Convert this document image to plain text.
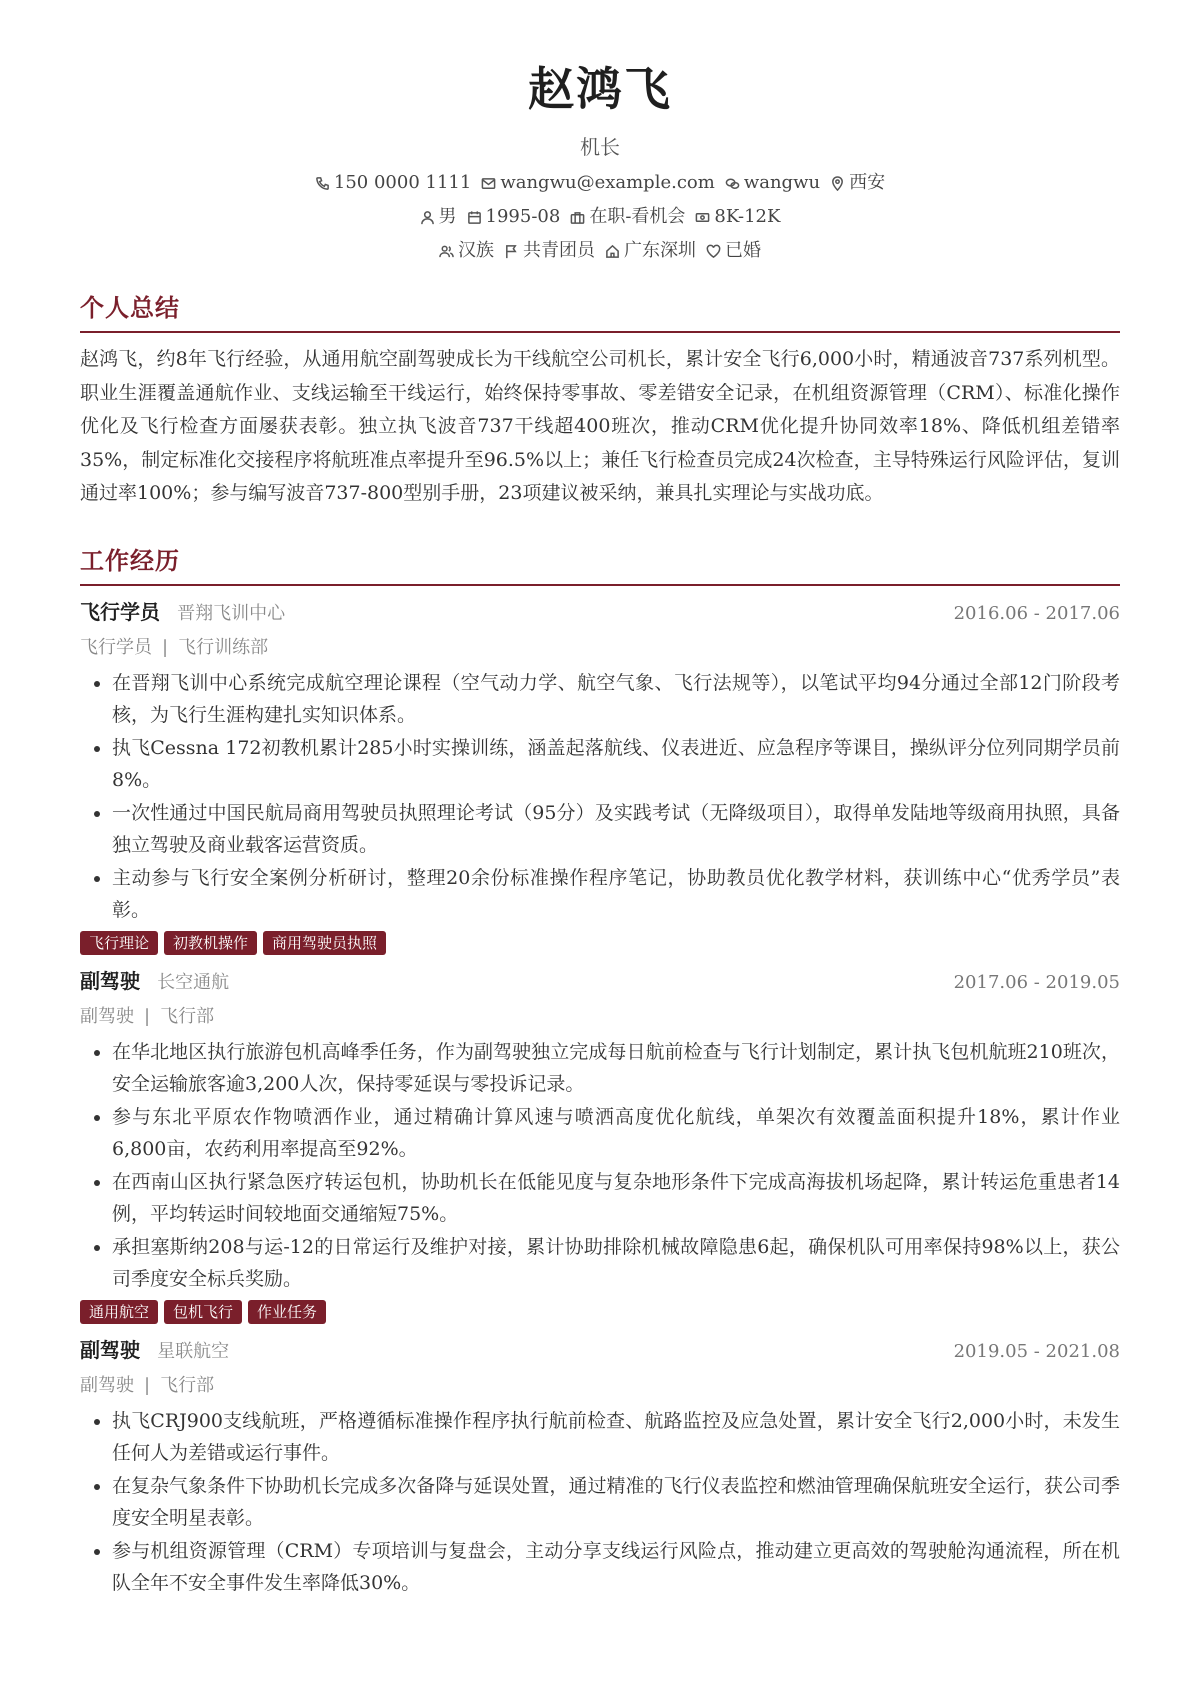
赵鸿飞
机长
150 0000 1111 wangwu@example.com wangwu 西安
男 1995-08 在职-看机会 8K-12K
汉族 共青团员 广东深圳 已婚
个人总结
赵鸿飞，约8年飞行经验，从通用航空副驾驶成长为干线航空公司机长，累计安全飞行6,000小时，精通波音737系列机型。职业生涯覆盖通航作业、支线运输至干线运行，始终保持零事故、零差错安全记录，在机组资源管理（CRM）、标准化操作优化及飞行检查方面屡获表彰。独立执飞波音737干线超400班次，推动CRM优化提升协同效率18%、降低机组差错率35%，制定标准化交接程序将航班准点率提升至96.5%以上；兼任飞行检查员完成24次检查，主导特殊运行风险评估，复训通过率100%；参与编写波音737-800型别手册，23项建议被采纳，兼具扎实理论与实战功底。
工作经历
飞行学员 晋翔飞训中心	2016.06 - 2017.06
飞行学员 | 飞行训练部
• 在晋翔飞训中心系统完成航空理论课程（空气动力学、航空气象、飞行法规等），以笔试平均94分通过全部12门阶段考核，为飞行生涯构建扎实知识体系。
• 执飞Cessna 172初教机累计285小时实操训练，涵盖起落航线、仪表进近、应急程序等课目，操纵评分位列同期学员前8%。
• 一次性通过中国民航局商用驾驶员执照理论考试（95分）及实践考试（无降级项目），取得单发陆地等级商用执照，具备独立驾驶及商业载客运营资质。
• 主动参与飞行安全案例分析研讨，整理20余份标准操作程序笔记，协助教员优化教学材料，获训练中心“优秀学员”表彰。
飞行理论	初教机操作	商用驾驶员执照
副驾驶 长空通航	2017.06 - 2019.05
副驾驶 | 飞行部
• 在华北地区执行旅游包机高峰季任务，作为副驾驶独立完成每日航前检查与飞行计划制定，累计执飞包机航班210班次，安全运输旅客逾3,200人次，保持零延误与零投诉记录。
• 参与东北平原农作物喷洒作业，通过精确计算风速与喷洒高度优化航线，单架次有效覆盖面积提升18%，累计作业6,800亩，农药利用率提高至92%。
• 在西南山区执行紧急医疗转运包机，协助机长在低能见度与复杂地形条件下完成高海拔机场起降，累计转运危重患者14例，平均转运时间较地面交通缩短75%。
• 承担塞斯纳208与运-12的日常运行及维护对接，累计协助排除机械故障隐患6起，确保机队可用率保持98%以上，获公司季度安全标兵奖励。
通用航空	包机飞行	作业任务
副驾驶 星联航空	2019.05 - 2021.08
副驾驶 | 飞行部
• 执飞CRJ900支线航班，严格遵循标准操作程序执行航前检查、航路监控及应急处置，累计安全飞行2,000小时，未发生任何人为差错或运行事件。
• 在复杂气象条件下协助机长完成多次备降与延误处置，通过精准的飞行仪表监控和燃油管理确保航班安全运行，获公司季度安全明星表彰。
• 参与机组资源管理（CRM）专项培训与复盘会，主动分享支线运行风险点，推动建立更高效的驾驶舱沟通流程，所在机队全年不安全事件发生率降低30%。
